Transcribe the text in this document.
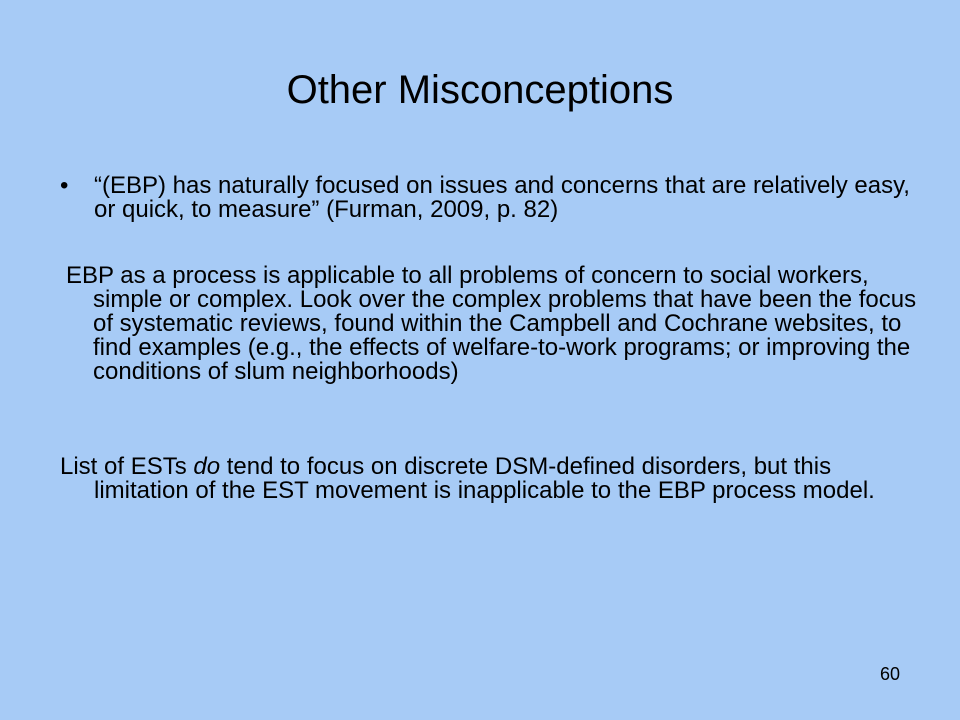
Other Misconceptions
• “(EBP) has naturally focused on issues and concerns that are relatively easy, or quick, to measure” (Furman, 2009, p. 82)

EBP as a process is applicable to all problems of concern to social workers, simple or complex. Look over the complex problems that have been the focus of systematic reviews, found within the Campbell and Cochrane websites, to find examples (e.g., the effects of welfare-to-work programs; or improving the conditions of slum neighborhoods)

List of ESTs do tend to focus on discrete DSM-defined disorders, but this limitation of the EST movement is inapplicable to the EBP process model.

60
